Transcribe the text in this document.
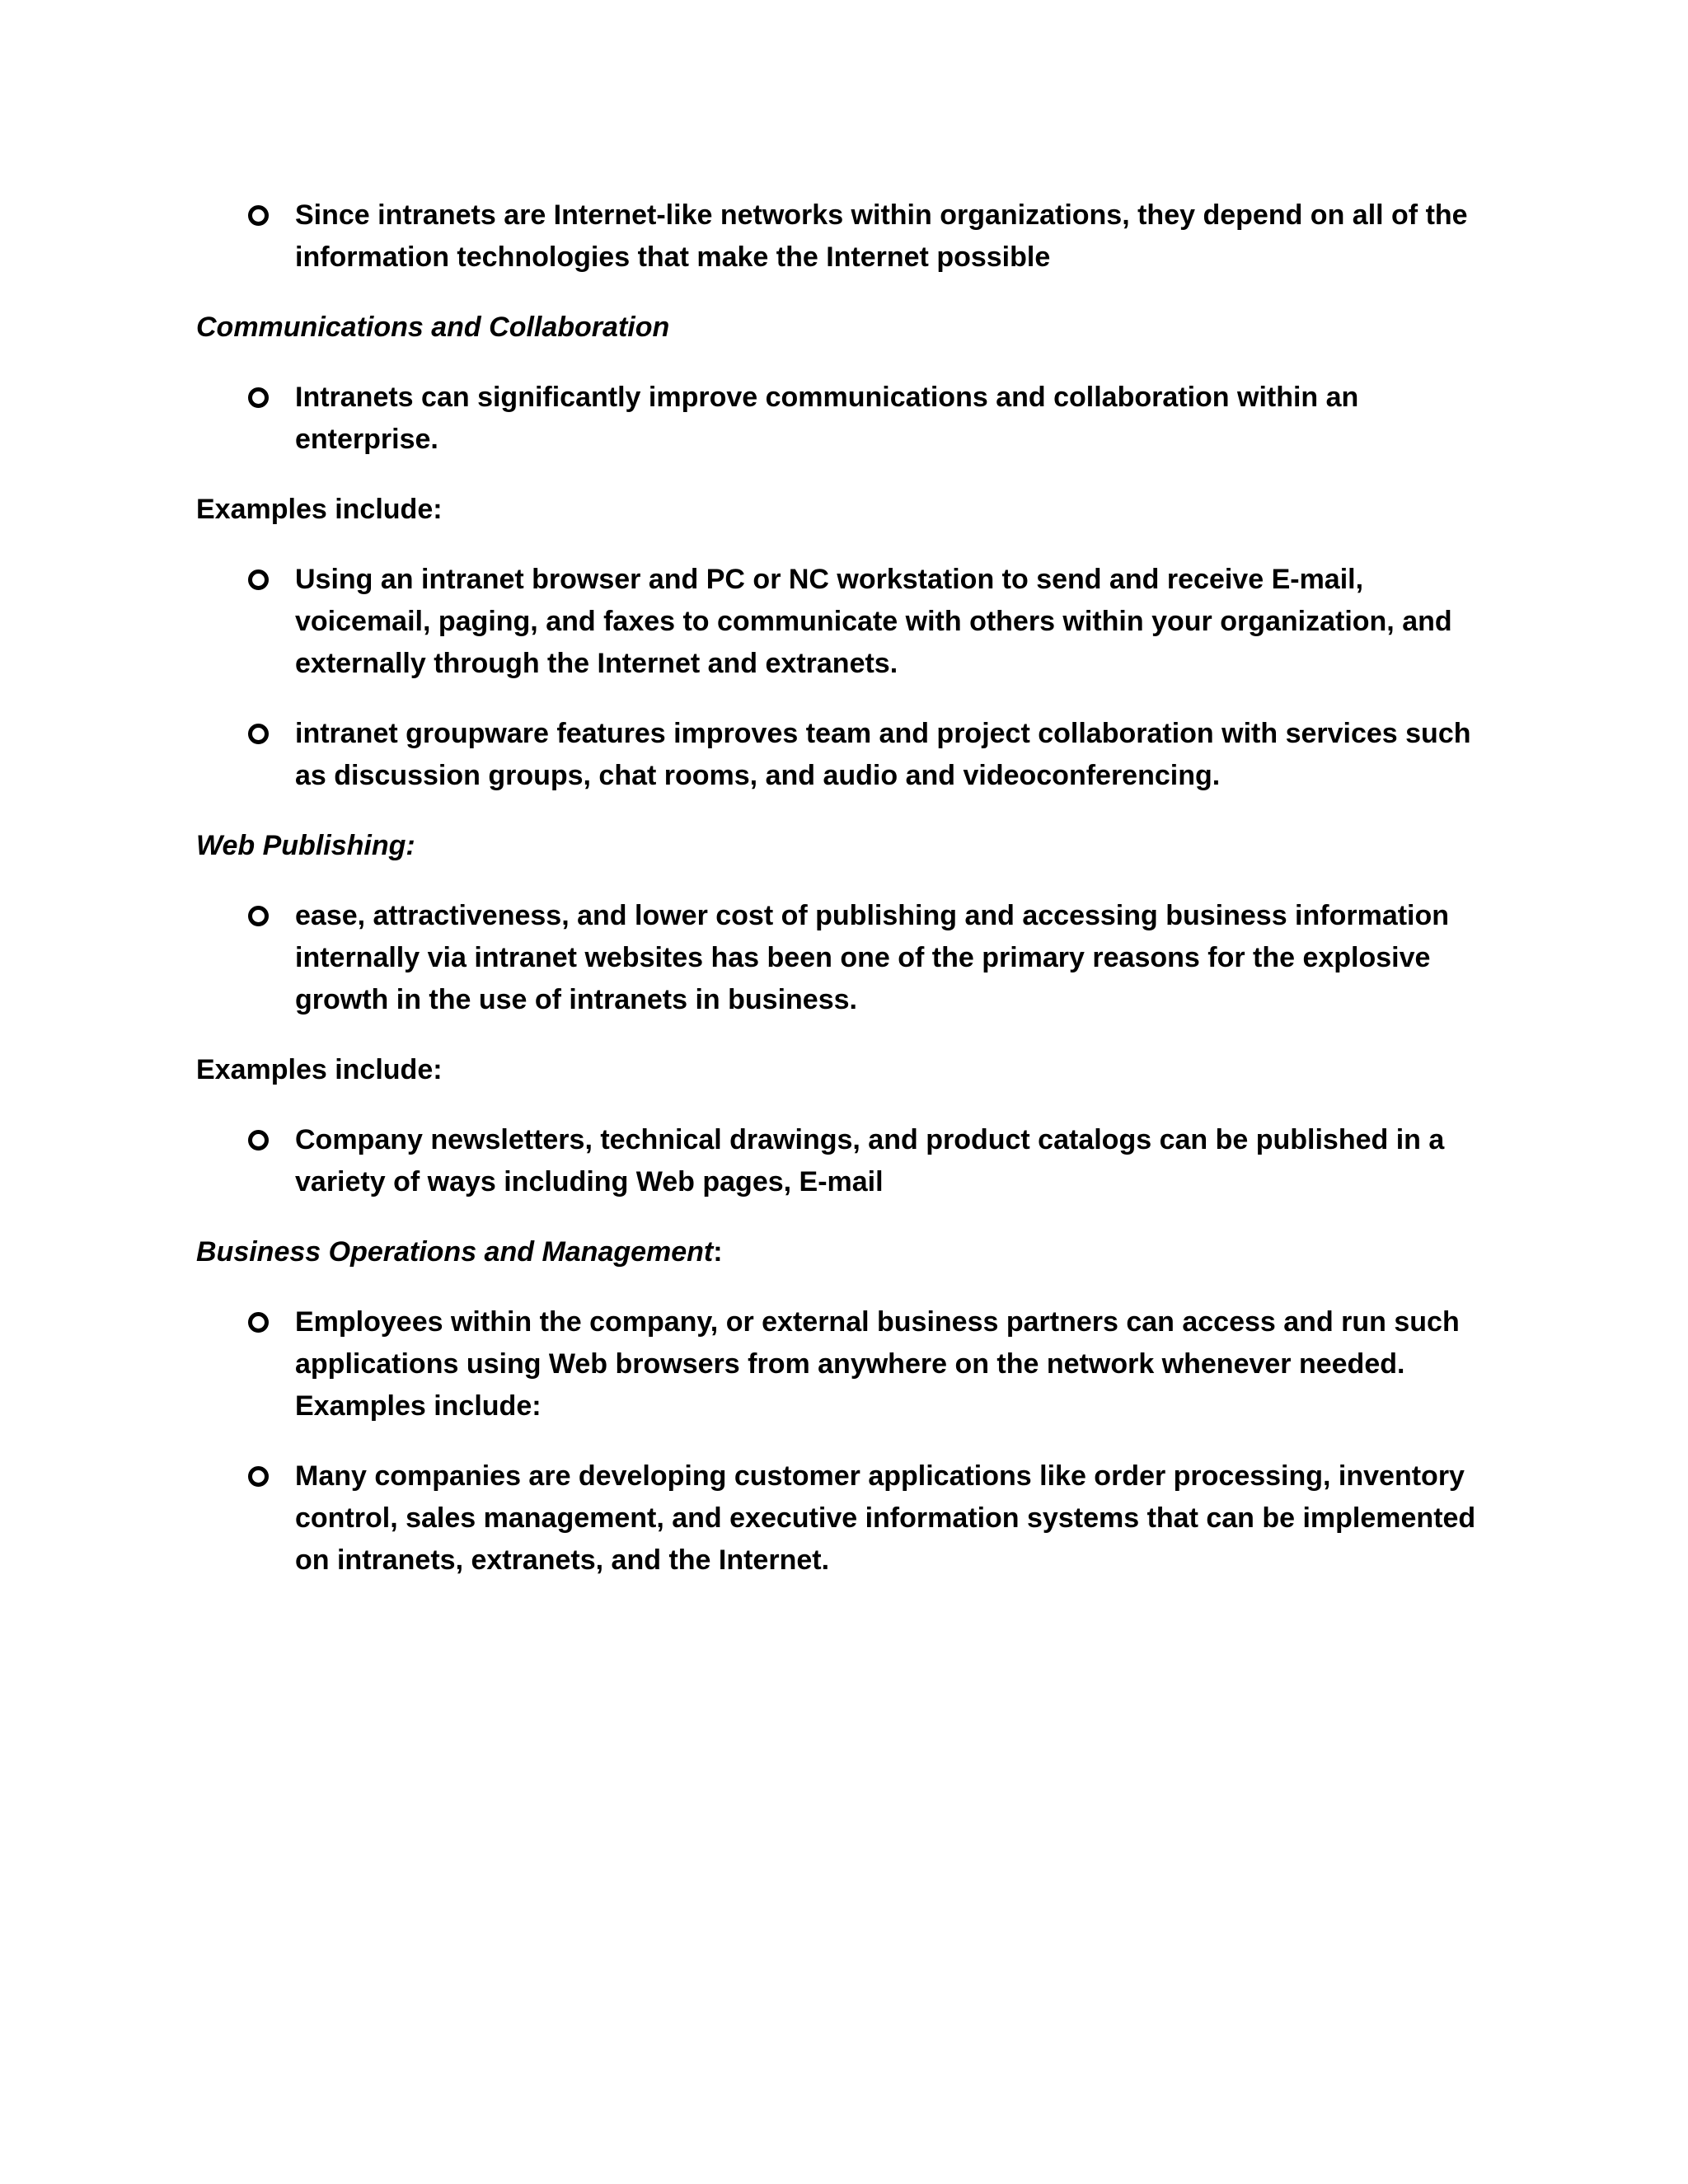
Since intranets are Internet-like networks within organizations, they depend on all of the information technologies that make the Internet possible
Communications and Collaboration
Intranets can significantly improve communications and collaboration within an enterprise.
Examples include:
Using an intranet browser and PC or NC workstation to send and receive E-mail, voicemail, paging, and faxes to communicate with others within your organization, and externally through the Internet and extranets.
intranet groupware features improves team and project collaboration with services such as discussion groups, chat rooms, and audio and videoconferencing.
Web Publishing:
ease, attractiveness, and lower cost of publishing and accessing business information internally via intranet websites has been one of the primary reasons for the explosive growth in the use of intranets in business.
Examples include:
Company newsletters, technical drawings, and product catalogs can be published in a variety of ways including Web pages, E-mail
Business Operations and Management:
Employees within the company, or external business partners can access and run such applications using Web browsers from anywhere on the network whenever needed. Examples include:
Many companies are developing customer applications like order processing, inventory control, sales management, and executive information systems that can be implemented on intranets, extranets, and the Internet.
